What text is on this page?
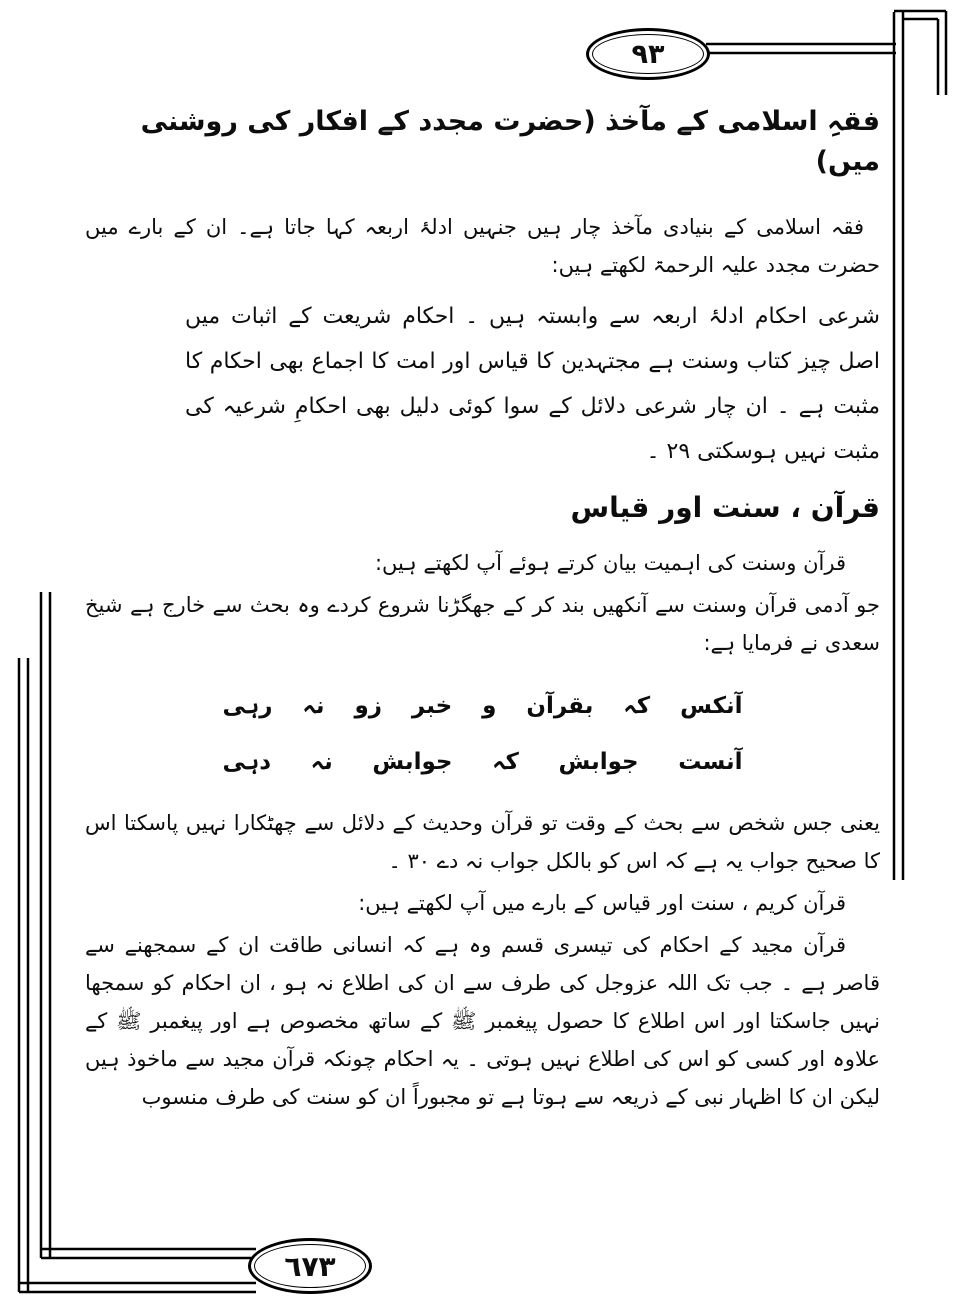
۹۳
فقہِ اسلامی کے مآخذ (حضرت مجدد کے افکار کی روشنی میں)

فقہ اسلامی کے بنیادی مآخذ چار ہیں جنہیں ادلۂ اربعہ کہا جاتا ہے۔ ان کے بارے میں حضرت مجدد علیہ الرحمۃ لکھتے ہیں:

شرعی احکام ادلۂ اربعہ سے وابستہ ہیں ۔ احکام شریعت کے اثبات میں اصل چیز کتاب وسنت ہے مجتہدین کا قیاس اور امت کا اجماع بھی احکام کا مثبت ہے ۔ ان چار شرعی دلائل کے سوا کوئی دلیل بھی احکامِ شرعیہ کی مثبت نہیں ہوسکتی ۲۹ ۔
قرآن ، سنت اور قیاس

قرآن وسنت کی اہمیت بیان کرتے ہوئے آپ لکھتے ہیں:

جو آدمی قرآن وسنت سے آنکھیں بند کر کے جھگڑنا شروع کردے وہ بحث سے خارج ہے شیخ سعدی نے فرمایا ہے:

آنکس کہ بقرآن و خبر زو نہ رہی
آنست جوابش کہ جوابش نہ دہی

یعنی جس شخص سے بحث کے وقت تو قرآن وحدیث کے دلائل سے چھٹکارا نہیں پاسکتا اس کا صحیح جواب یہ ہے کہ اس کو بالکل جواب نہ دے ۳۰ ۔

قرآن کریم ، سنت اور قیاس کے بارے میں آپ لکھتے ہیں:

قرآن مجید کے احکام کی تیسری قسم وہ ہے کہ انسانی طاقت ان کے سمجھنے سے قاصر ہے ۔ جب تک اللہ عزوجل کی طرف سے ان کی اطلاع نہ ہو ، ان احکام کو سمجھا نہیں جاسکتا اور اس اطلاع کا حصول پیغمبر ﷺ کے ساتھ مخصوص ہے اور پیغمبر ﷺ کے علاوہ اور کسی کو اس کی اطلاع نہیں ہوتی ۔ یہ احکام چونکہ قرآن مجید سے ماخوذ ہیں لیکن ان کا اظہار نبی کے ذریعہ سے ہوتا ہے تو مجبوراً ان کو سنت کی طرف منسوب

٦٧٣
